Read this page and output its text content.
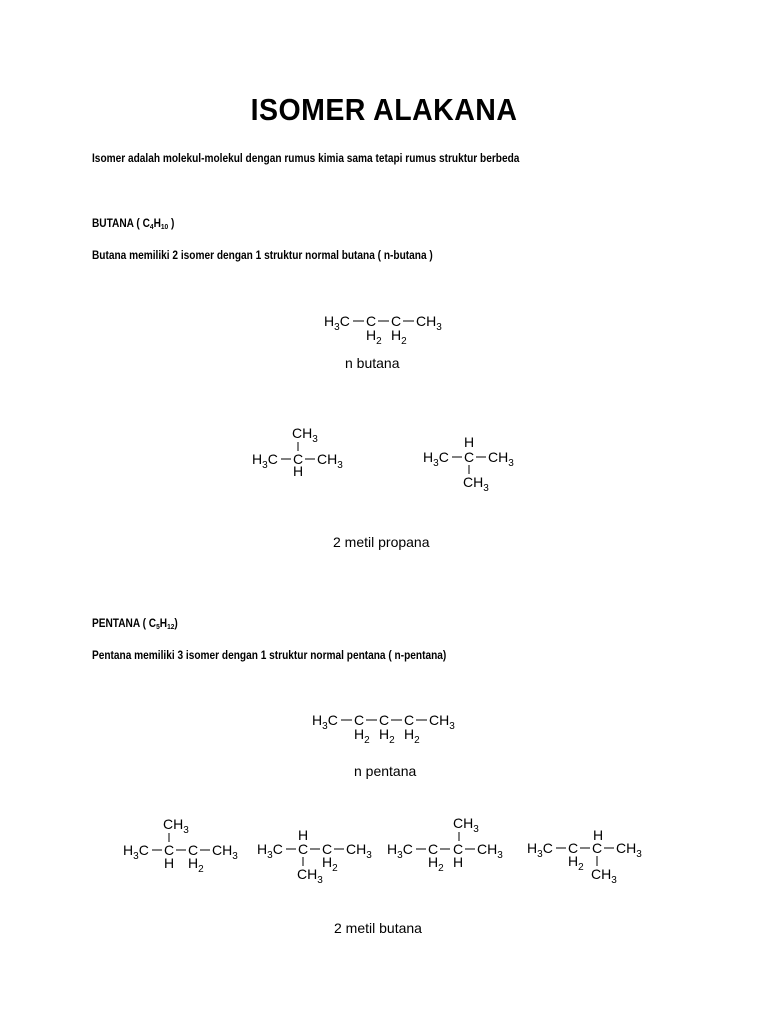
ISOMER ALAKANA
Isomer adalah molekul-molekul dengan rumus kimia sama tetapi rumus struktur berbeda
BUTANA ( $C_4H_{10}$ )
Butana memiliki 2 isomer dengan 1 struktur normal butana ( n-butana )
$H_3C$ C C $CH_3$
$H_2$ $H_2$
n butana
$CH_3$
$H_3C$ C $CH_3$
H
H
$H_3C$ C $CH_3$
$CH_3$
2 metil propana
PENTANA ( $C_5H_{12}$)
Pentana memiliki 3 isomer dengan 1 struktur normal pentana ( n-pentana)
$H_3C$ C C C $CH_3$
$H_2$ $H_2$ $H_2$
n pentana
$CH_3$
$H_3C$ C C $CH_3$
H $H_2$
H
$H_3C$ C C $CH_3$
$CH_3$
$H_2$
$CH_3$
$H_3C$ C C $CH_3$
$H_2$ H
H
$H_3C$ C C $CH_3$
$H_2$ $CH_3$
2 metil butana
